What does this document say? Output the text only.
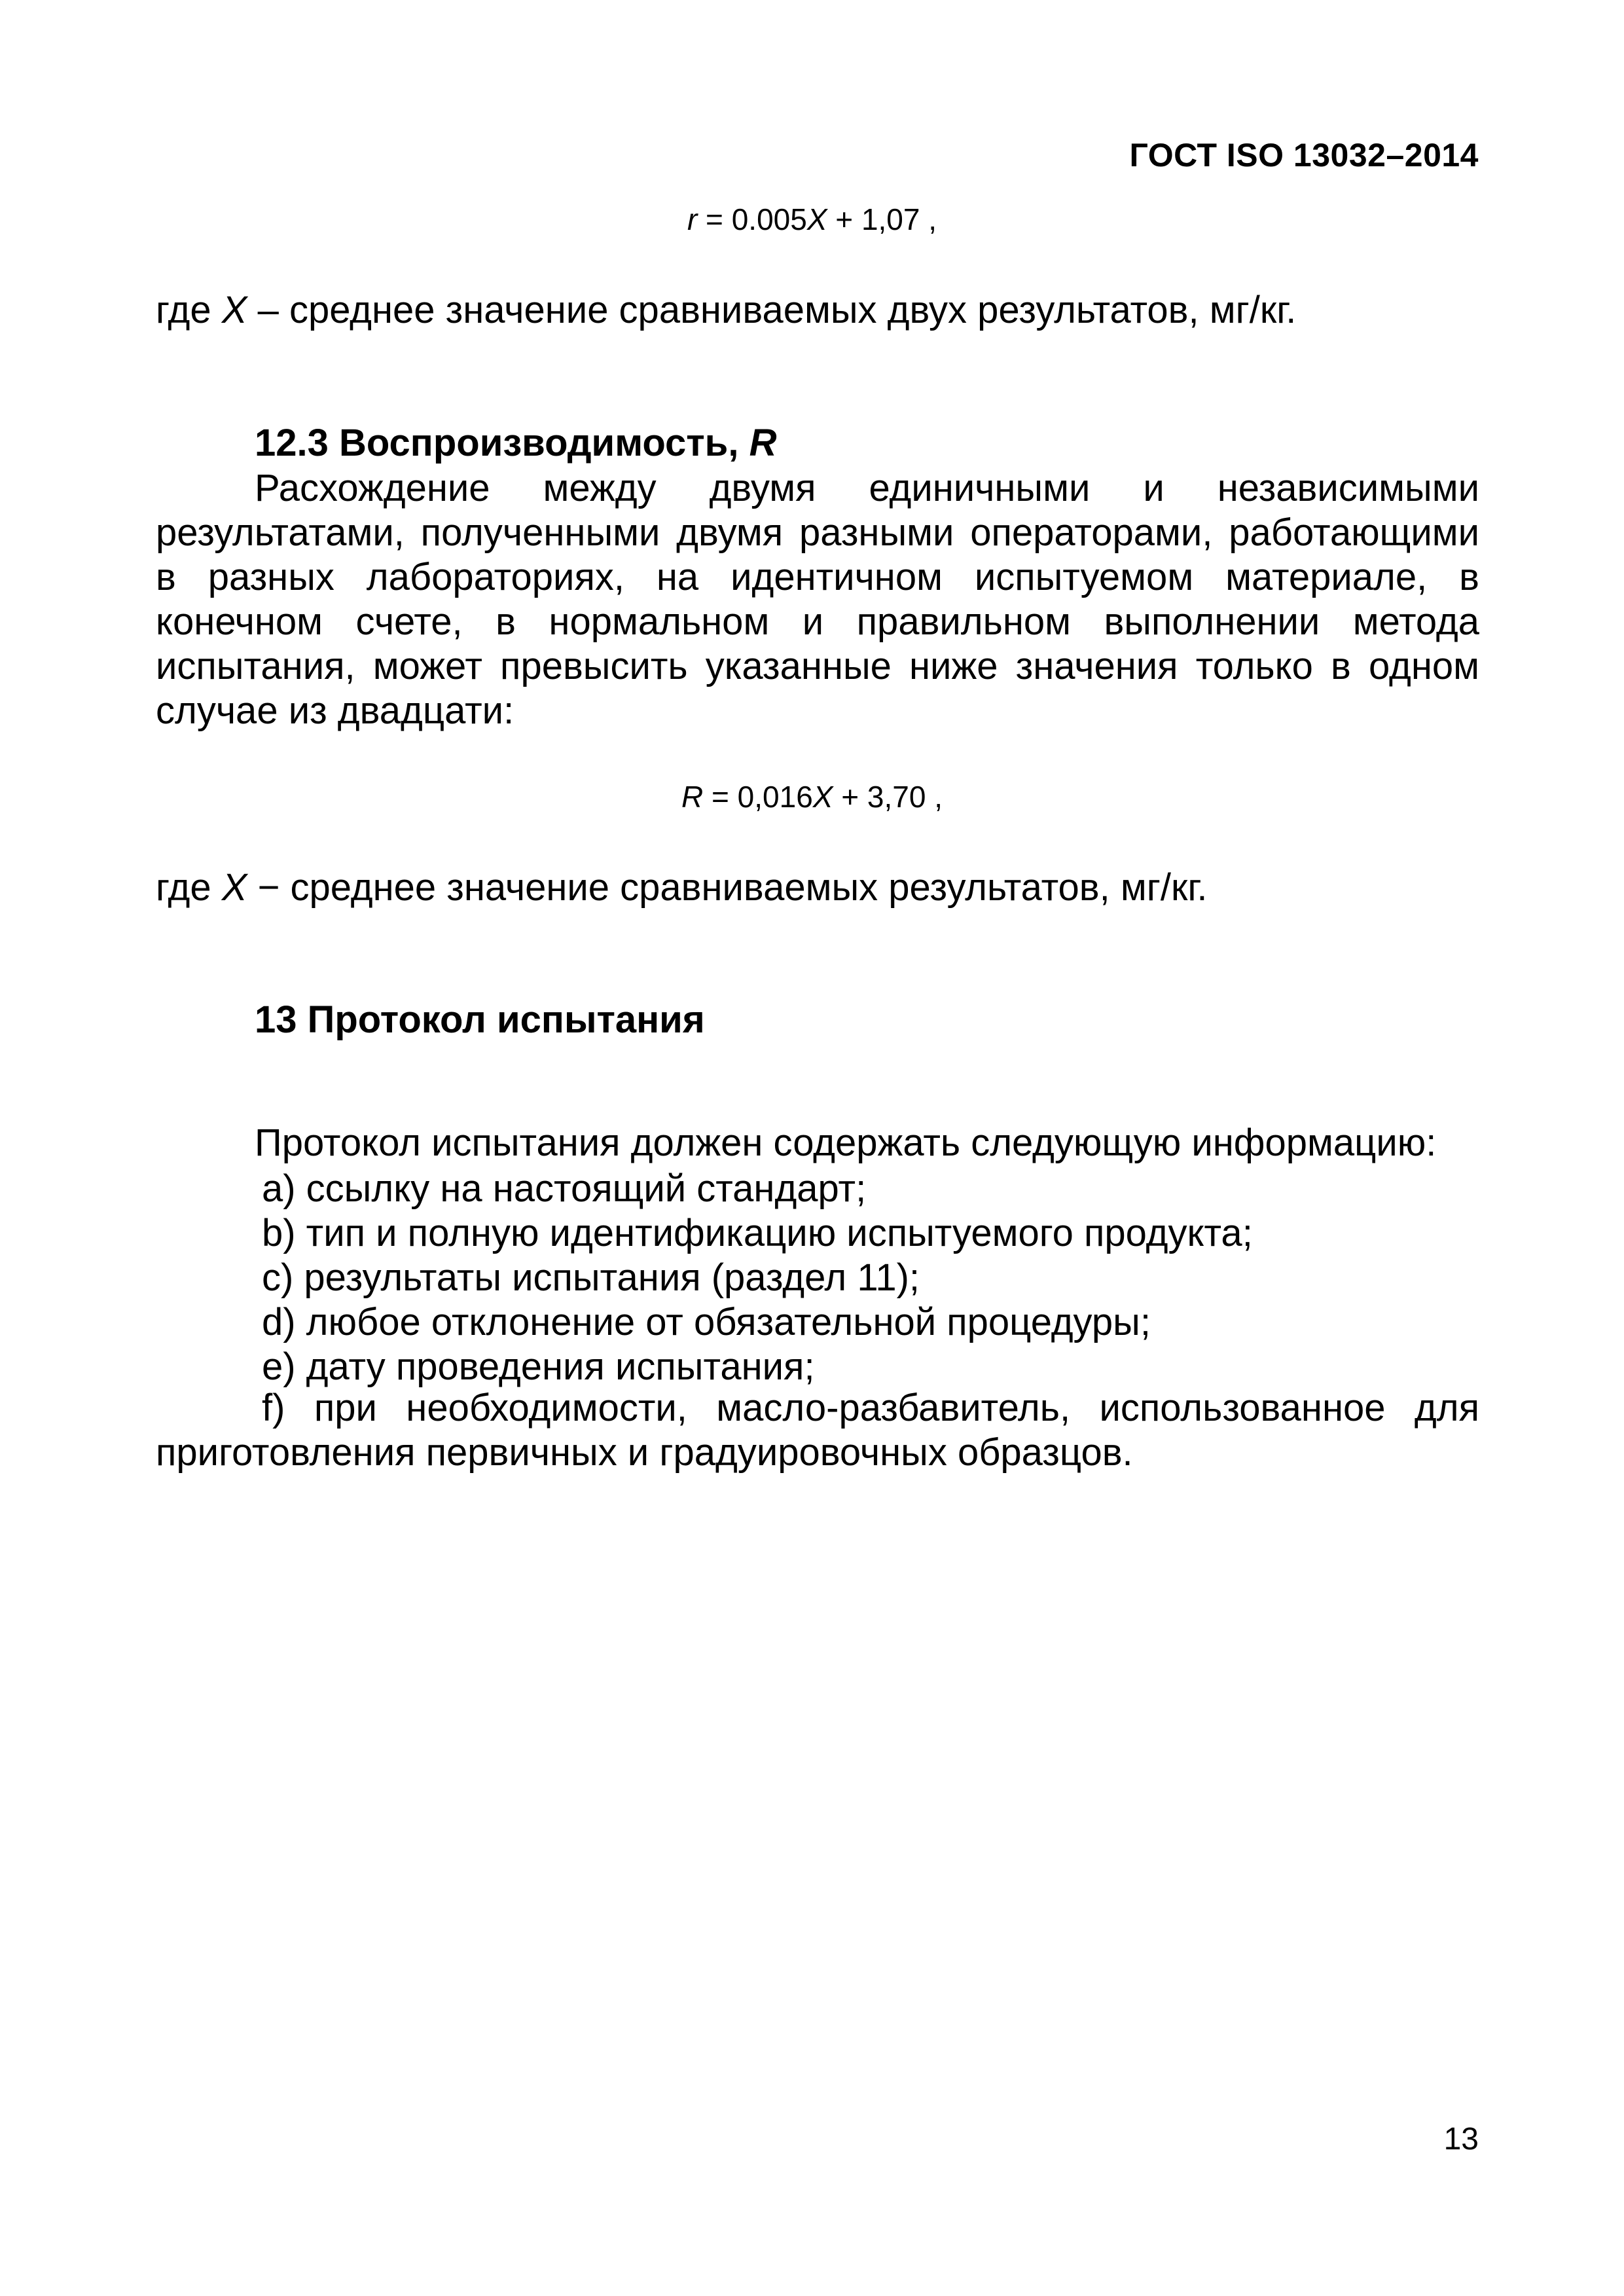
ГОСТ ISO 13032–2014
r = 0.005X + 1,07 ,
где X – среднее значение сравниваемых двух результатов, мг/кг.
12.3 Воспроизводимость, R
Расхождение между двумя единичными и независимыми результатами, полученными двумя разными операторами, работающими в разных лабораториях, на идентичном испытуемом материале, в конечном счете, в нормальном и правильном выполнении метода испытания, может превысить указанные ниже значения только в одном случае из двадцати:
R = 0,016X + 3,70 ,
где X − среднее значение сравниваемых результатов, мг/кг.
13 Протокол испытания
Протокол испытания должен содержать следующую информацию:
a) ссылку на настоящий стандарт;
b) тип и полную идентификацию испытуемого продукта;
c) результаты испытания (раздел 11);
d) любое отклонение от обязательной процедуры;
e) дату проведения испытания;
f) при необходимости, масло-разбавитель, использованное для приготовления первичных и градуировочных образцов.
13
